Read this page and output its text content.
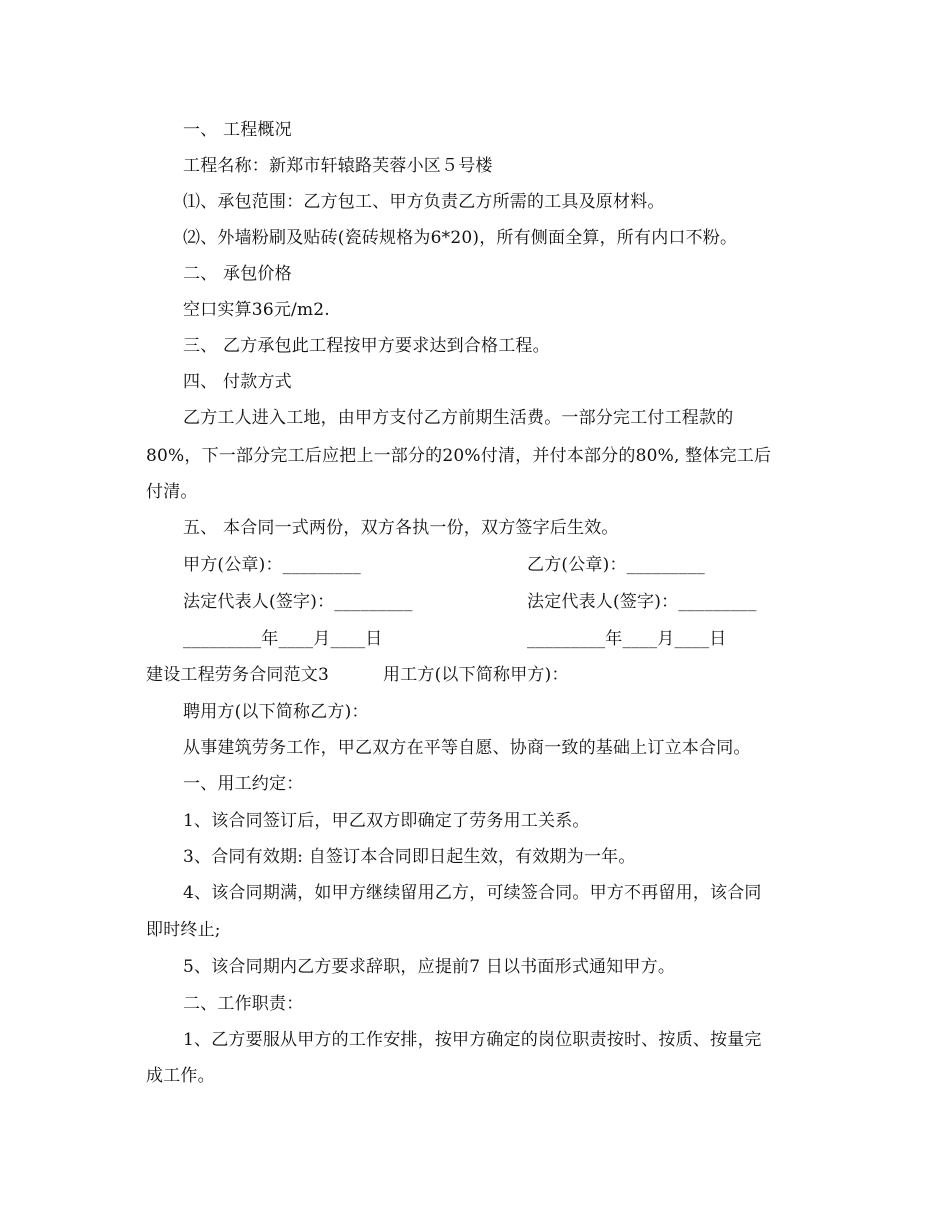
一、 工程概况
工程名称：新郑市轩辕路芙蓉小区５号楼
⑴、承包范围：乙方包工、甲方负责乙方所需的工具及原材料。
⑵、外墙粉刷及贴砖(瓷砖规格为6*20)，所有侧面全算，所有内口不粉。
二、 承包价格
空口实算36元/m2.
三、 乙方承包此工程按甲方要求达到合格工程。
四、 付款方式
乙方工人进入工地，由甲方支付乙方前期生活费。一部分完工付工程款的
80%，下一部分完工后应把上一部分的20%付清，并付本部分的80%, 整体完工后
付清。
五、 本合同一式两份，双方各执一份，双方签字后生效。
甲方(公章)：_________	乙方(公章)：_________
法定代表人(签字)：_________	法定代表人(签字)：_________
_________年____月____日	_________年____月____日
建设工程劳务合同范文3	用工方(以下简称甲方)：
聘用方(以下简称乙方)：
从事建筑劳务工作，甲乙双方在平等自愿、协商一致的基础上订立本合同。
一、用工约定：
1、该合同签订后，甲乙双方即确定了劳务用工关系。
3、合同有效期: 自签订本合同即日起生效，有效期为一年。
4、该合同期满，如甲方继续留用乙方，可续签合同。甲方不再留用，该合同
即时终止;
5、该合同期内乙方要求辞职，应提前7 日以书面形式通知甲方。
二、工作职责：
1、乙方要服从甲方的工作安排，按甲方确定的岗位职责按时、按质、按量完
成工作。
